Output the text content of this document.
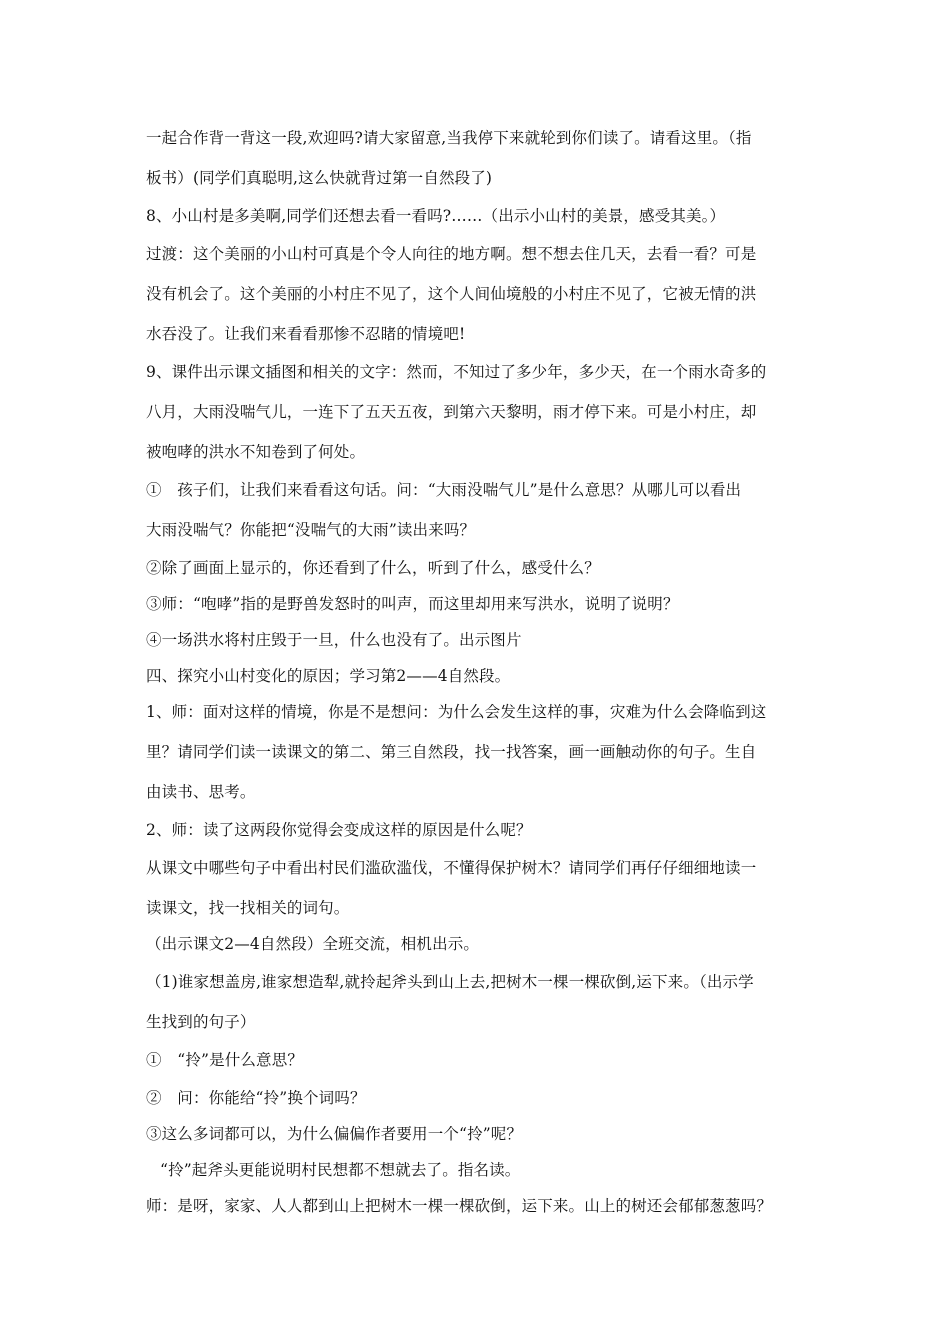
一起合作背一背这一段,欢迎吗?请大家留意,当我停下来就轮到你们读了。请看这里。（指
板书）(同学们真聪明,这么快就背过第一自然段了)
8、小山村是多美啊,同学们还想去看一看吗?……（出示小山村的美景，感受其美。）
过渡：这个美丽的小山村可真是个令人向往的地方啊。想不想去住几天，去看一看？可是
没有机会了。这个美丽的小村庄不见了，这个人间仙境般的小村庄不见了，它被无情的洪
水吞没了。让我们来看看那惨不忍睹的情境吧!
9、课件出示课文插图和相关的文字：然而，不知过了多少年，多少天，在一个雨水奇多的
八月，大雨没喘气儿，一连下了五天五夜，到第六天黎明，雨才停下来。可是小村庄，却
被咆哮的洪水不知卷到了何处。
①　孩子们，让我们来看看这句话。问：“大雨没喘气儿”是什么意思？从哪儿可以看出
大雨没喘气？你能把“没喘气的大雨”读出来吗？
②除了画面上显示的，你还看到了什么，听到了什么，感受什么？
③师：“咆哮”指的是野兽发怒时的叫声，而这里却用来写洪水，说明了说明？
④一场洪水将村庄毁于一旦，什么也没有了。出示图片
四、探究小山村变化的原因；学习第2——4自然段。
1、师：面对这样的情境，你是不是想问：为什么会发生这样的事，灾难为什么会降临到这
里？请同学们读一读课文的第二、第三自然段，找一找答案，画一画触动你的句子。生自
由读书、思考。
2、师：读了这两段你觉得会变成这样的原因是什么呢？
从课文中哪些句子中看出村民们滥砍滥伐，不懂得保护树木？请同学们再仔仔细细地读一
读课文，找一找相关的词句。
（出示课文2—4自然段）全班交流，相机出示。
（1)谁家想盖房,谁家想造犁,就拎起斧头到山上去,把树木一棵一棵砍倒,运下来。（出示学
生找到的句子）
①　“拎”是什么意思？
②　问：你能给“拎”换个词吗？
③这么多词都可以，为什么偏偏作者要用一个“拎”呢？
“拎”起斧头更能说明村民想都不想就去了。指名读。
师：是呀，家家、人人都到山上把树木一棵一棵砍倒，运下来。山上的树还会郁郁葱葱吗？
